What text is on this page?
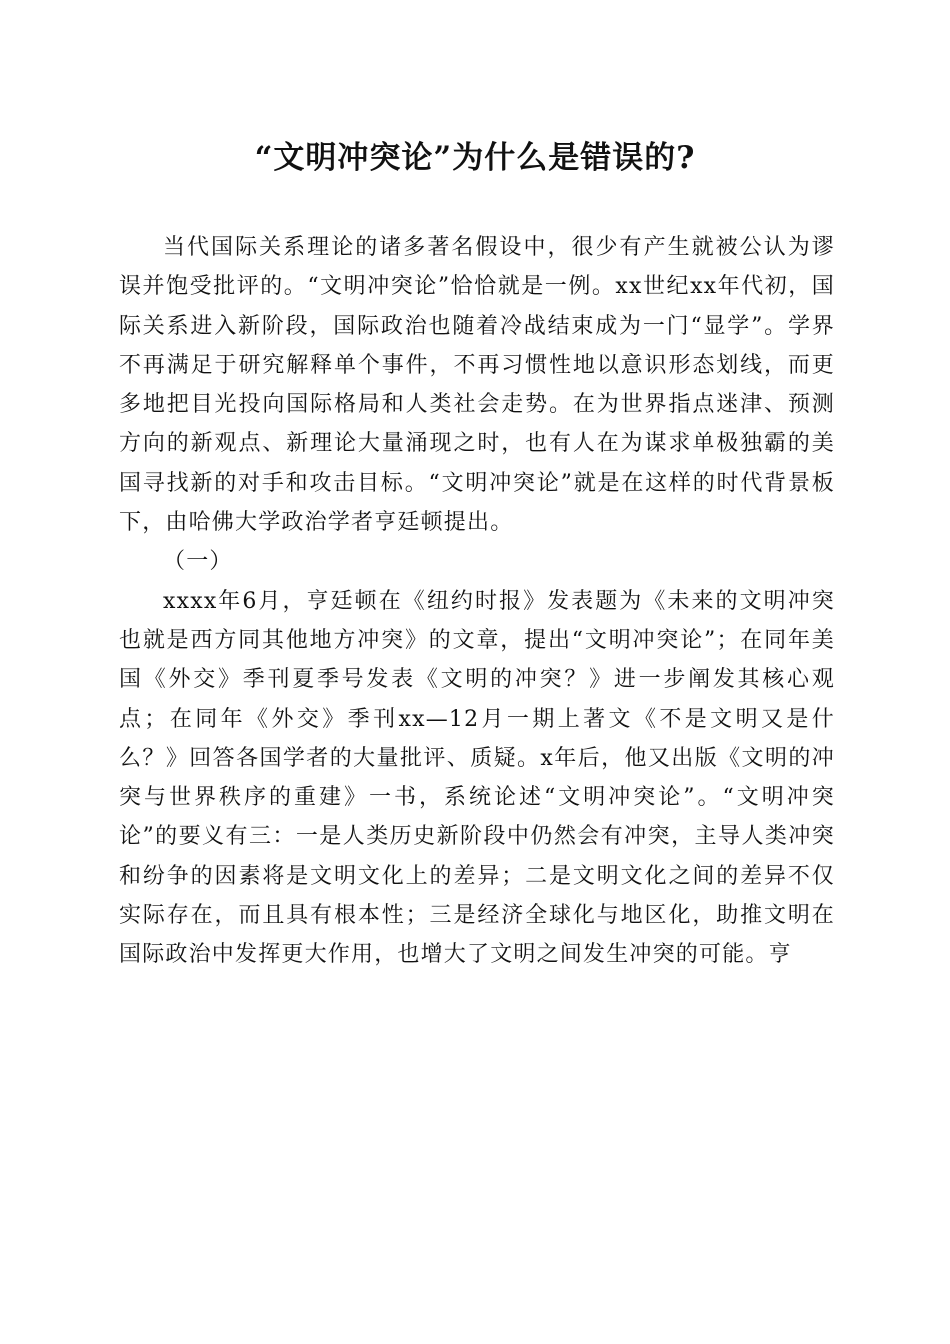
“文明冲突论”为什么是错误的?

当代国际关系理论的诸多著名假设中，很少有产生就被公认为谬误并饱受批评的。“文明冲突论”恰恰就是一例。xx世纪xx年代初，国际关系进入新阶段，国际政治也随着冷战结束成为一门“显学”。学界不再满足于研究解释单个事件，不再习惯性地以意识形态划线，而更多地把目光投向国际格局和人类社会走势。在为世界指点迷津、预测方向的新观点、新理论大量涌现之时，也有人在为谋求单极独霸的美国寻找新的对手和攻击目标。“文明冲突论”就是在这样的时代背景板下，由哈佛大学政治学者亨廷顿提出。

（一）

xxxx年6月，亨廷顿在《纽约时报》发表题为《未来的文明冲突也就是西方同其他地方冲突》的文章，提出“文明冲突论”；在同年美国《外交》季刊夏季号发表《文明的冲突？》进一步阐发其核心观点；在同年《外交》季刊xx—12月一期上著文《不是文明又是什么？》回答各国学者的大量批评、质疑。x年后，他又出版《文明的冲突与世界秩序的重建》一书，系统论述“文明冲突论”。“文明冲突论”的要义有三：一是人类历史新阶段中仍然会有冲突，主导人类冲突和纷争的因素将是文明文化上的差异；二是文明文化之间的差异不仅实际存在，而且具有根本性；三是经济全球化与地区化，助推文明在国际政治中发挥更大作用，也增大了文明之间发生冲突的可能。亨
